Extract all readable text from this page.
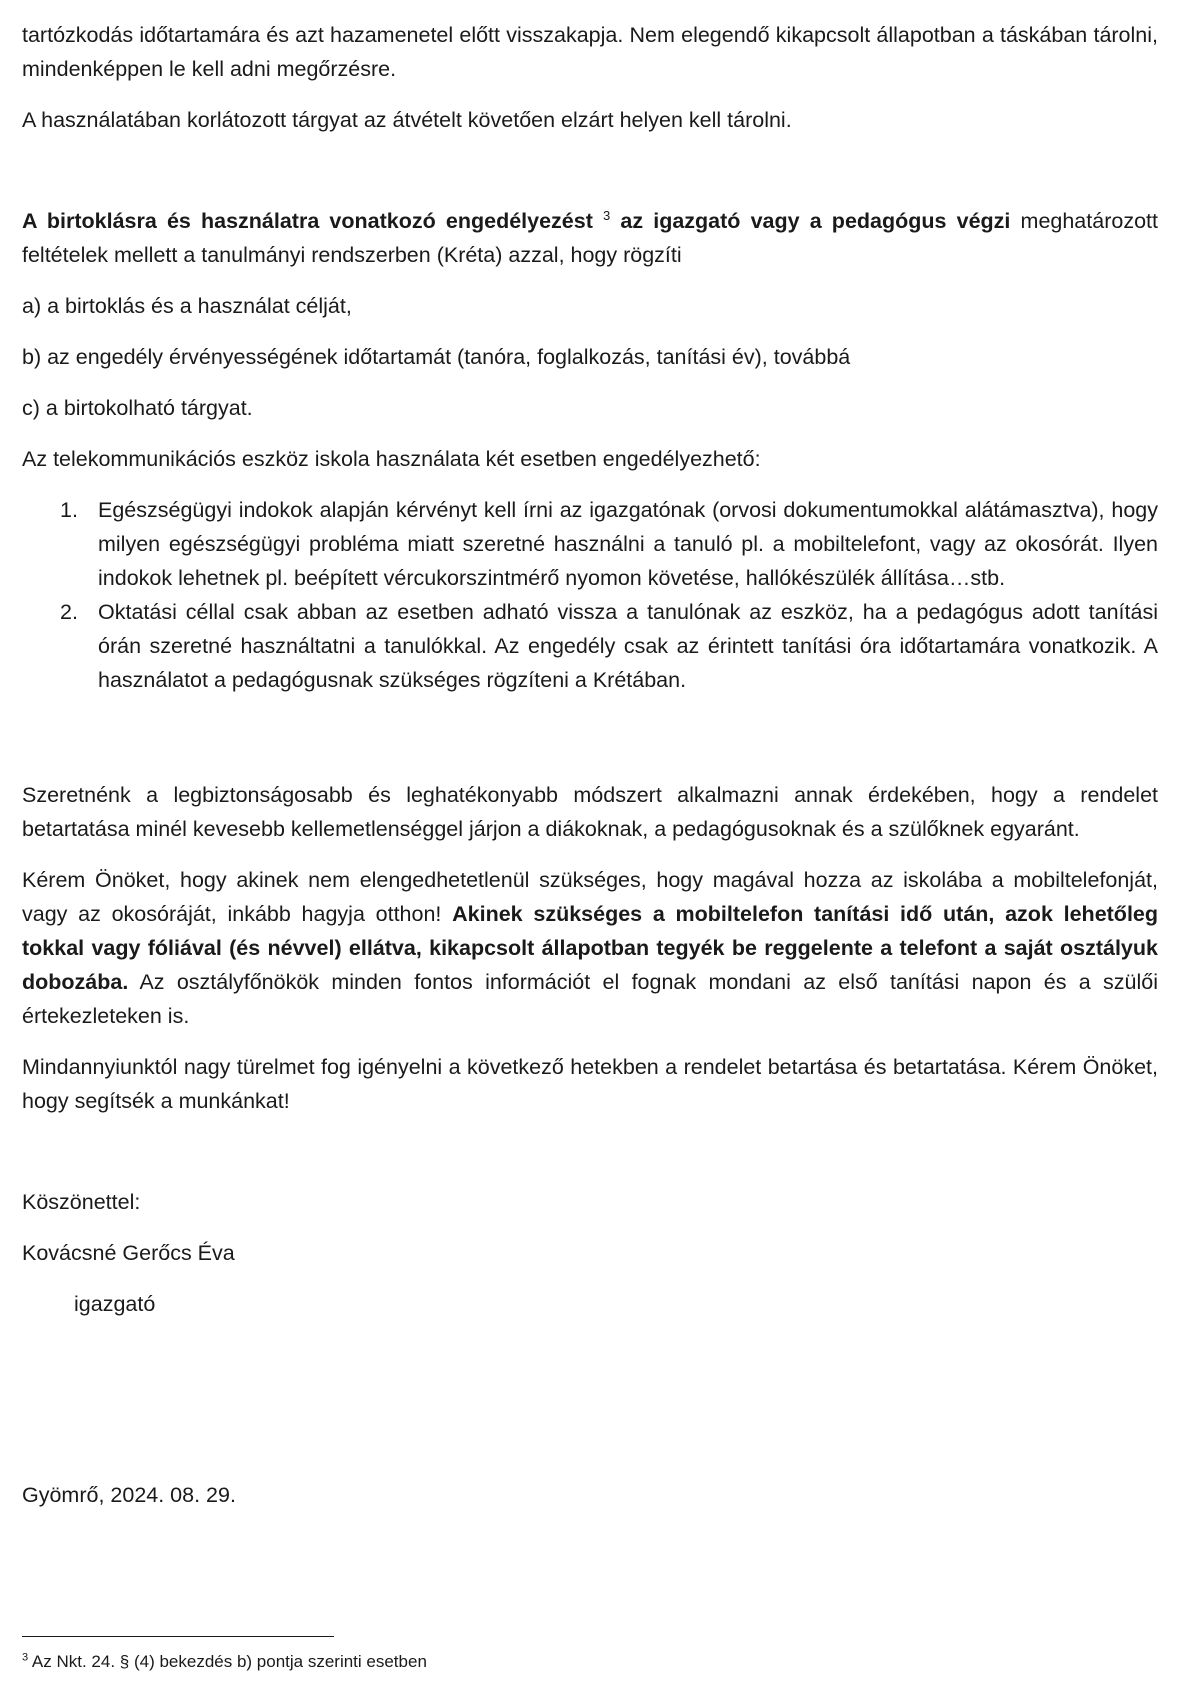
tartózkodás időtartamára és azt hazamenetel előtt visszakapja. Nem elegendő kikapcsolt állapotban a táskában tárolni, mindenképpen le kell adni megőrzésre.

A használatában korlátozott tárgyat az átvételt követően elzárt helyen kell tárolni.

A birtoklásra és használatra vonatkozó engedélyezést $^3$ az igazgató vagy a pedagógus végzi meghatározott feltételek mellett a tanulmányi rendszerben (Kréta) azzal, hogy rögzíti

a) a birtoklás és a használat célját,

b) az engedély érvényességének időtartamát (tanóra, foglalkozás, tanítási év), továbbá

c) a birtokolható tárgyat.

Az telekommunikációs eszköz iskola használata két esetben engedélyezhető:

1. Egészségügyi indokok alapján kérvényt kell írni az igazgatónak (orvosi dokumentumokkal alátámasztva), hogy milyen egészségügyi probléma miatt szeretné használni a tanuló pl. a mobiltelefont, vagy az okosórát. Ilyen indokok lehetnek pl. beépített vércukorszintmérő nyomon követése, hallókészülék állítása…stb.
2. Oktatási céllal csak abban az esetben adható vissza a tanulónak az eszköz, ha a pedagógus adott tanítási órán szeretné használtatni a tanulókkal. Az engedély csak az érintett tanítási óra időtartamára vonatkozik. A használatot a pedagógusnak szükséges rögzíteni a Krétában.

Szeretnénk a legbiztonságosabb és leghatékonyabb módszert alkalmazni annak érdekében, hogy a rendelet betartatása minél kevesebb kellemetlenséggel járjon a diákoknak, a pedagógusoknak és a szülőknek egyaránt.

Kérem Önöket, hogy akinek nem elengedhetetlenül szükséges, hogy magával hozza az iskolába a mobiltelefonját, vagy az okosóráját, inkább hagyja otthon! Akinek szükséges a mobiltelefon tanítási idő után, azok lehetőleg tokkal vagy fóliával (és névvel) ellátva, kikapcsolt állapotban tegyék be reggelente a telefont a saját osztályuk dobozába. Az osztályfőnökök minden fontos információt el fognak mondani az első tanítási napon és a szülői értekezleteken is.

Mindannyiunktól nagy türelmet fog igényelni a következő hetekben a rendelet betartása és betartatása. Kérem Önöket, hogy segítsék a munkánkat!

Köszönettel:

Kovácsné Gerőcs Éva

igazgató

Gyömrő, 2024. 08. 29.

$^3$ Az Nkt. 24. § (4) bekezdés b) pontja szerinti esetben
